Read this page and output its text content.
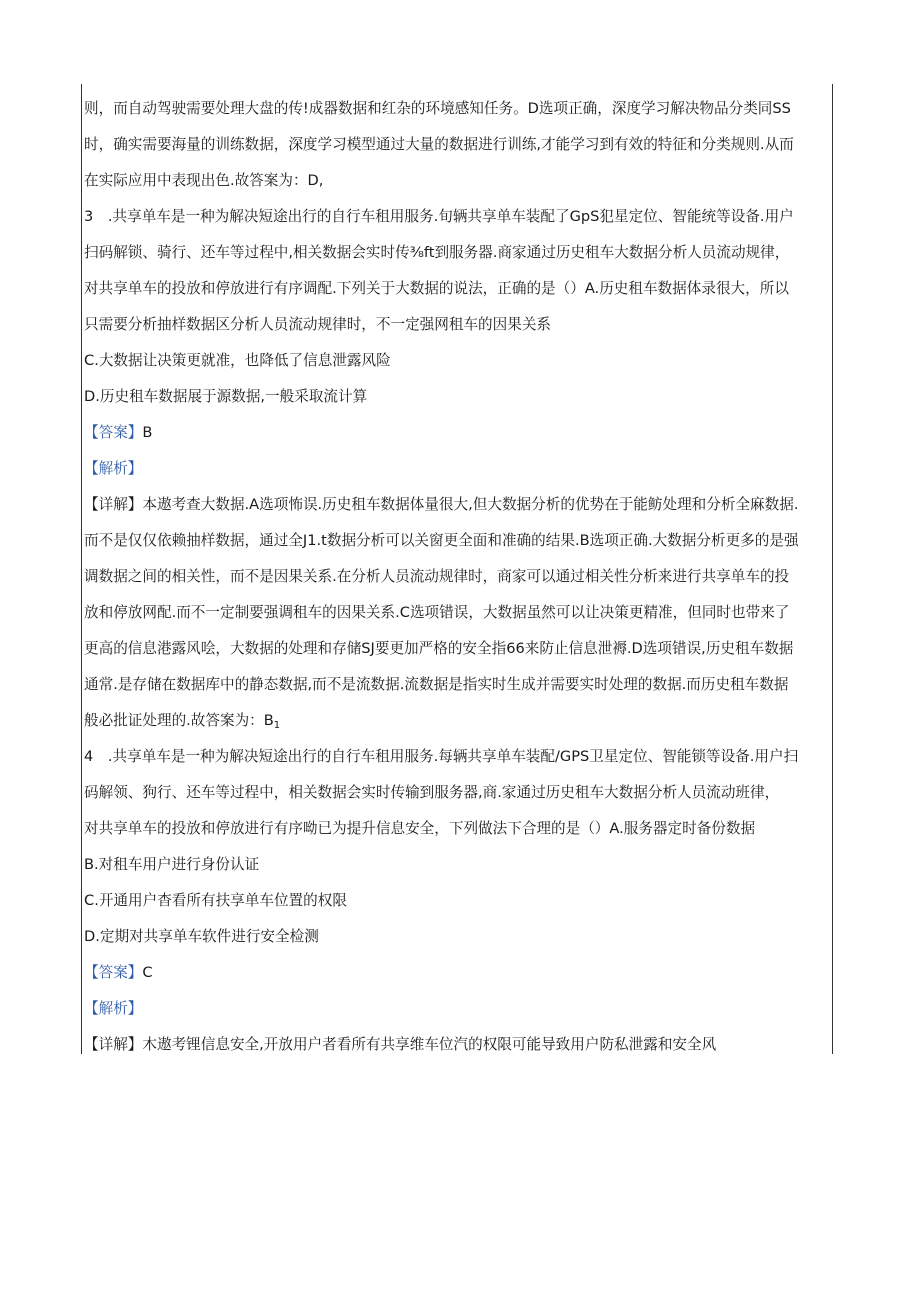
则，而自动驾驶需要处理大盘的传!成器数据和红杂的环境感知任务。D选项正确，深度学习解决物品分类同SS
时，确实需要海量的训练数据，深度学习模型通过大量的数据进行训练,才能学习到有效的特征和分类规则.从而
在实际应用中表现出色.故答案为：D,
3　.共享单车是一种为解决短途出行的自行车租用服务.旬辆共享单车装配了GpS犯星定位、智能统等设备.用户
扫码解锁、骑行、还车等过程中,相关数据会实时传⅜ft到服务器.商家通过历史租车大数据分析人员流动规律，
对共享单车的投放和停放进行有序调配.下列关于大数据的说法，正确的是（）A.历史租车数据体录很大，所以
只需要分析抽样数据区分析人员流动规律时，不一定强网租车的因果关系
C.大数据让决策更就准，也降低了信息泄露风险
D.历史租车数据展于源数据,一般采取流计算
【答案】B
【解析】
【详解】本遨考查大数据.A选项怖误.历史租车数据体量很大,但大数据分析的优势在于能鲂处理和分析全麻数据.
而不是仅仅依赖抽样数据，通过全J1.t数据分析可以关窗更全面和准确的结果.B选项正确.大数据分析更多的是强
调数据之间的相关性，而不是因果关系.在分析人员流动规律时，商家可以通过相关性分析来进行共享单车的投
放和停放网配.而不一定制要强调租车的因果关系.C选项错误，大数据虽然可以让决策更精准，但同时也带来了
更高的信息港露风哙，大数据的处理和存储SJ要更加严格的安全指66来防止信息泄褥.D选项错误,历史租车数据
通常.是存储在数据库中的静态数据,而不是流数据.流数据是指实时生成并需要实时处理的数据.而历史租车数据
般必批证处理的.故答案为：$B_1$
4　.共享单车是一种为解决短途出行的自行车租用服务.每辆共享单车装配/GPS卫星定位、智能锁等设备.用户扫
码解领、狗行、还车等过程中，相关数据会实时传输到服务器,商.家通过历史租车大数据分析人员流动班律，
对共享单车的投放和停放进行有序呦已为提升信息安全，下列做法下合理的是（）A.服务器定时备份数据
B.对租车用户进行身份认证
C.开通用户杳看所有扶享单车位置的权限
D.定期对共享单车软件进行安全检测
【答案】C
【解析】
【详解】木遨考锂信息安全,开放用户者看所有共享维车位汽的权限可能导致用户防私泄露和安全风
